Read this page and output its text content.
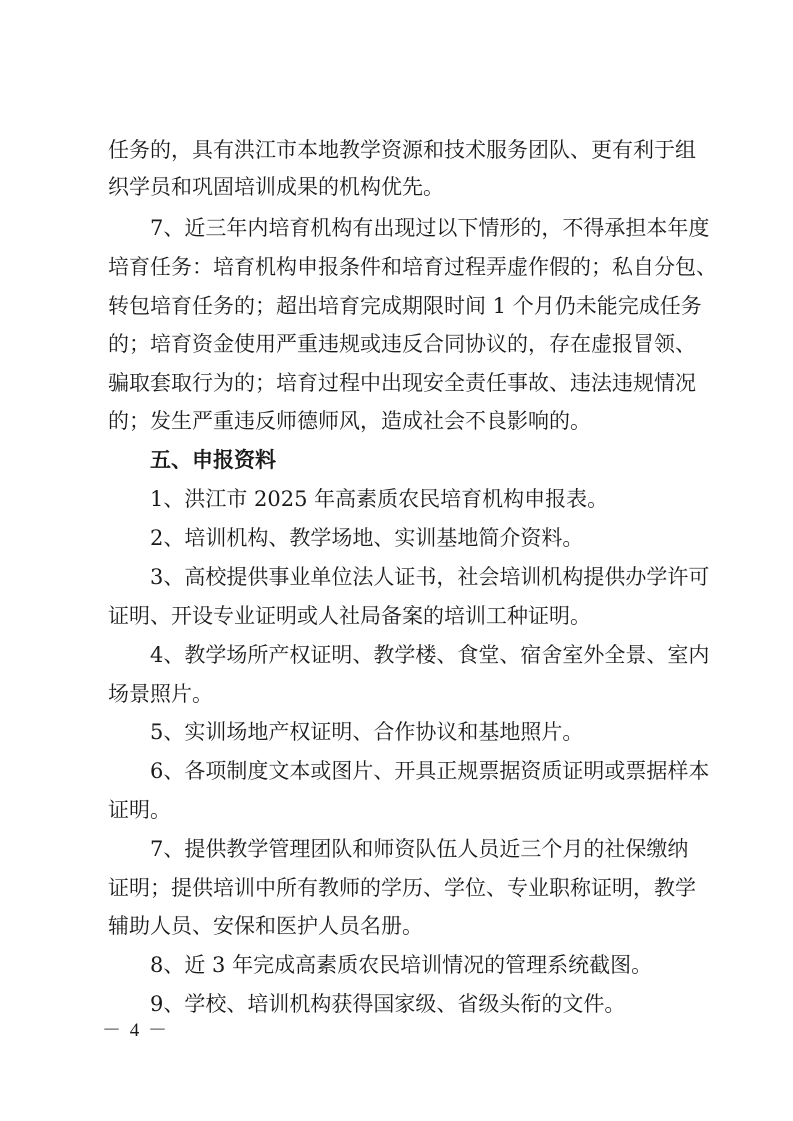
任务的，具有洪江市本地教学资源和技术服务团队、更有利于组
织学员和巩固培训成果的机构优先。
7、近三年内培育机构有出现过以下情形的，不得承担本年度
培育任务：培育机构申报条件和培育过程弄虚作假的；私自分包、
转包培育任务的；超出培育完成期限时间 1 个月仍未能完成任务
的；培育资金使用严重违规或违反合同协议的，存在虚报冒领、
骗取套取行为的；培育过程中出现安全责任事故、违法违规情况
的；发生严重违反师德师风，造成社会不良影响的。
五、申报资料
1、洪江市 2025 年高素质农民培育机构申报表。
2、培训机构、教学场地、实训基地简介资料。
3、高校提供事业单位法人证书，社会培训机构提供办学许可
证明、开设专业证明或人社局备案的培训工种证明。
4、教学场所产权证明、教学楼、食堂、宿舍室外全景、室内
场景照片。
5、实训场地产权证明、合作协议和基地照片。
6、各项制度文本或图片、开具正规票据资质证明或票据样本
证明。
7、提供教学管理团队和师资队伍人员近三个月的社保缴纳
证明；提供培训中所有教师的学历、学位、专业职称证明，教学
辅助人员、安保和医护人员名册。
8、近 3 年完成高素质农民培训情况的管理系统截图。
9、学校、培训机构获得国家级、省级头衔的文件。
－ 4 －
